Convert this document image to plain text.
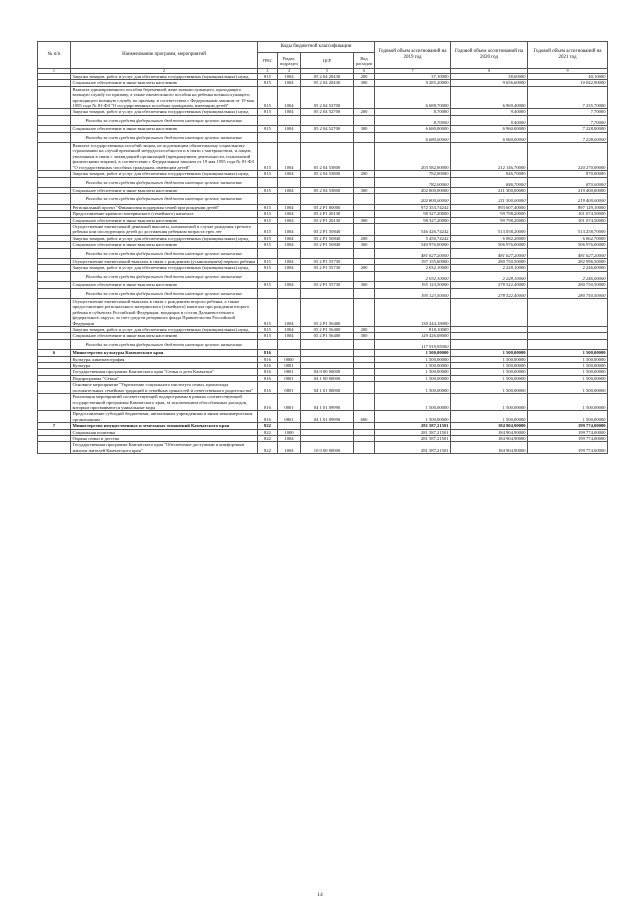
№ п/п	Наименование программ, мероприятий	Коды бюджетной классификации				Годовой объем ассигнований на 2019 год	Годовой объем ассигнований на 2020 год	Годовой объем ассигнований на 2021 год
		ГРБС	Раздел, подраздел	ЦСР	Вид расходов			
1	2	3	4	5	6	7	8	9
	Закупка товаров, работ и услуг для обеспечения государственных (муниципальных) нужд	815	1004	05 2 04 20430	200	37,10000	38,60000	40,10000
	Социальное обеспечение и иные выплаты населению	815	1004	05 2 04 20430	300	9 285,20000	9 656,60000	10 042,90000
	Выплата единовременного пособия беременной жене военнослужащего, проходящего военную службу по призыву, а также ежемесячного пособия на ребенка военнослужащего, проходящего военную службу по призыву, в соответствии с Федеральным законом от 19 мая 1995 года № 81-ФЗ "О государственных пособиях гражданам, имеющим детей"	815	1004	05 2 04 52700		6 688,70000	6 969,40000	7 235,70000
	Закупка товаров, работ и услуг для обеспечения государственных (муниципальных) нужд	815	1004	05 2 04 52700	200	8,70000	9,40000	7,70000
	Расходы за счет средств федерального бюджета имеющие целевое назначение					8,70000	9,40000	7,70000
	Социальное обеспечение и иные выплаты населению	815	1004	05 2 04 52700	300	6 680,00000	6 960,00000	7 228,00000
	Расходы за счет средств федерального бюджета имеющие целевое назначение					6 680,00000	6 960,00000	7 228,00000
	Выплата государственных пособий лицам, не подлежащим обязательному социальному страхованию на случай временной нетрудоспособности и в связи с материнством, и лицам, уволенным в связи с ликвидацией организаций (прекращением деятельности, полномочий физическими лицами), в соответствии с Федеральным законом от 19 мая 1995 года № 81-ФЗ "О государственных пособиях гражданам, имеющим детей"	815	1004	05 2 04 53800		203 582,00000	212 146,70000	220 270,00000
	Закупка товаров, работ и услуг для обеспечения государственных (муниципальных) нужд	815	1004	05 2 04 53800	200	782,00000	846,70000	870,00000
	Расходы за счет средств федерального бюджета имеющие целевое назначение					782,00000	846,70000	870,00000
	Социальное обеспечение и иные выплаты населению	815	1004	05 2 04 53800	300	202 800,00000	211 300,00000	219 400,00000
	Расходы за счет средств федерального бюджета имеющие целевое назначение					202 800,00000	211 300,00000	219 400,00000
	Региональный проект "Финансовая поддержка семей при рождении детей"	815	1004	05 2 P1 00000		972 353,74242	893 607,40000	897 129,10000
	Предоставление краевого материнского (семейного) капитала	815	1004	05 2 P1 20130		98 327,20000	99 798,20000	101 074,50000
	Социальное обеспечение и иные выплаты населению	815	1004	05 2 P1 20130	300	98 327,20000	99 798,20000	101 074,50000
	Осуществление ежемесячной денежной выплаты, назначаемой в случае рождения третьего ребенка или последующих детей до достижения ребенком возраста трех лет	815	1004	05 2 P1 50840		546 426,74242	513 058,20000	513 258,70000
	Закупка товаров, работ и услуг для обеспечения государственных (муниципальных) нужд	815	1004	05 2 P1 50840	200	5 450,74242	6 082,20000	6 062,70000
	Социальное обеспечение и иные выплаты населению	815	1004	05 2 P1 50840	300	540 976,00000	506 976,00000	506 976,00000
	Расходы за счет средств федерального бюджета имеющие целевое назначение					481 627,20000	481 627,20000	481 627,20000
	Осуществление ежемесячной выплаты в связи с рождением (усыновлением) первого ребенка	815	1004	05 2 P1 55730		197 155,60000	280 750,50000	282 996,50000
	Закупка товаров, работ и услуг для обеспечения государственных (муниципальных) нужд	815	1004	05 2 P1 55730	200	2 032,10000	2 228,10000	2 246,00000
	Расходы за счет средств федерального бюджета имеющие целевое назначение					2 032,10000	2 228,10000	2 246,00000
	Социальное обеспечение и иные выплаты населению	815	1004	05 2 P1 55730	300	195 123,50000	278 522,40000	280 750,50000
	Расходы за счет средств федерального бюджета имеющие целевое назначение					195 123,50000	278 522,40000	280 750,50000
	Осуществление ежемесячной выплаты в связи с рождением второго ребенка, а также предоставление регионального материнского (семейного) капитала при рождении второго ребенка в субъектах Российской Федерации, входящих в состав Дальневосточного федерального округа, за счет средств резервного фонда Правительства Российской Федерации	815	1004	05 2 P1 56400		130 244,18000		
	Закупка товаров, работ и услуг для обеспечения государственных (муниципальных) нужд	815	1004	05 2 P1 56400	200	818,10000		
	Социальное обеспечение и иные выплаты населению	815	1004	05 2 P1 56400	300	129 426,08000		
	Расходы за счет средств федерального бюджета имеющие целевое назначение					117 919,95000		
6	Министерство культуры Камчатского края	816				1 500,00000	1 500,00000	1 500,00000
	Культура, кинематография	816	0800			1 500,00000	1 500,00000	1 500,00000
	Культура	816	0801			1 500,00000	1 500,00000	1 500,00000
	Государственная программа Камчатского края "Семья и дети Камчатки"	816	0801	04 0 00 00000		1 500,00000	1 500,00000	1 500,00000
	Подпрограмма "Семья"	816	0801	04 1 00 00000		1 500,00000	1 500,00000	1 500,00000
	Основное мероприятие "Укрепление социального института семьи, пропаганда положительных семейных традиций и семейных ценностей и ответственного родительства"	816	0801	04 1 01 00000		1 500,00000	1 500,00000	1 500,00000
	Реализация мероприятий соответствующей подпрограммы в рамках соответствующей государственной программы Камчатского края, за исключением обособленных расходов, которым присваиваются уникальные коды	816	0801	04 1 01 09990		1 500,00000	1 500,00000	1 500,00000
	Предоставление субсидий бюджетным, автономным учреждениям и иным некоммерческим организациям	816	0801	04 1 01 09990	600	1 500,00000	1 500,00000	1 500,00000
7	Министерство имущественных и земельных отношений Камчатского края	822				281 587,21501	184 904,90000	199 774,00000
	Социальная политика	822	1000			281 587,21501	184 904,90000	199 774,00000
	Охрана семьи и детства	822	1004			281 587,21501	184 904,90000	199 774,00000
	Государственная программа Камчатского края "Обеспечение доступным и комфортным жильем жителей Камчатского края"	822	1004	10 0 00 00000		281 587,21501	184 904,90000	199 774,00000
14
